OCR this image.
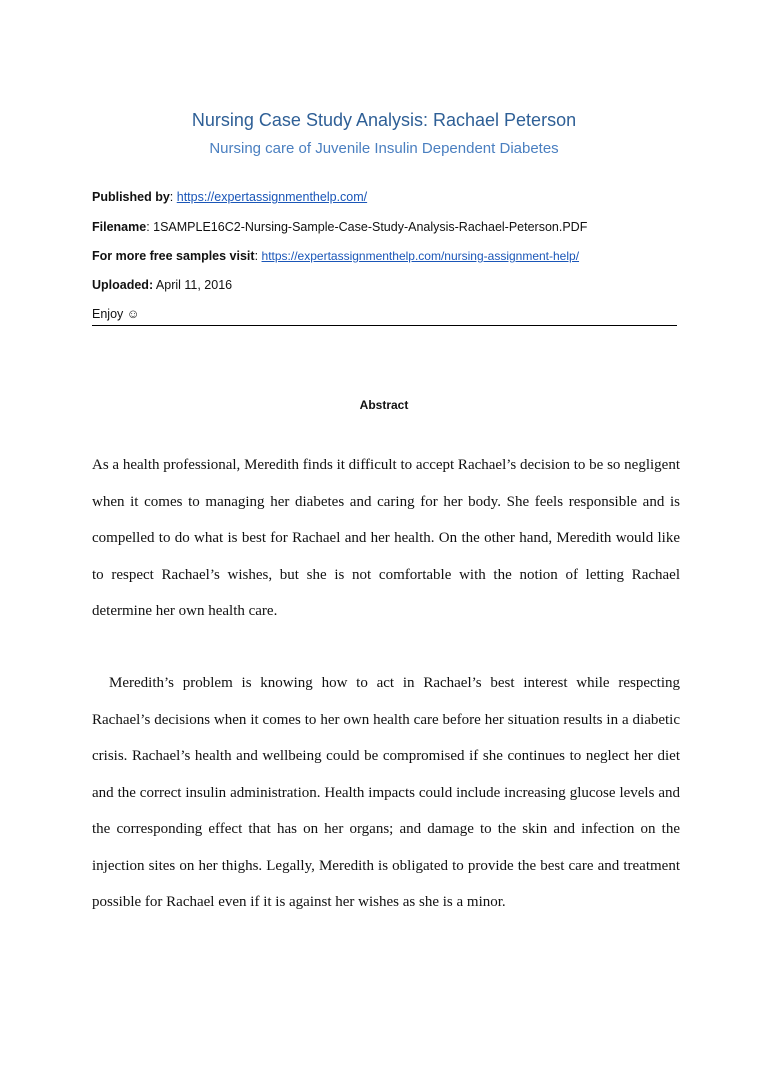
Nursing Case Study Analysis: Rachael Peterson
Nursing care of Juvenile Insulin Dependent Diabetes
Published by: https://expertassignmenthelp.com/
Filename: 1SAMPLE16C2-Nursing-Sample-Case-Study-Analysis-Rachael-Peterson.PDF
For more free samples visit: https://expertassignmenthelp.com/nursing-assignment-help/
Uploaded: April 11, 2016
Enjoy ☺
Abstract
As a health professional, Meredith finds it difficult to accept Rachael’s decision to be so negligent when it comes to managing her diabetes and caring for her body. She feels responsible and is compelled to do what is best for Rachael and her health. On the other hand, Meredith would like to respect Rachael’s wishes, but she is not comfortable with the notion of letting Rachael determine her own health care.
Meredith’s problem is knowing how to act in Rachael’s best interest while respecting Rachael’s decisions when it comes to her own health care before her situation results in a diabetic crisis. Rachael’s health and wellbeing could be compromised if she continues to neglect her diet and the correct insulin administration. Health impacts could include increasing glucose levels and the corresponding effect that has on her organs; and damage to the skin and infection on the injection sites on her thighs. Legally, Meredith is obligated to provide the best care and treatment possible for Rachael even if it is against her wishes as she is a minor.
